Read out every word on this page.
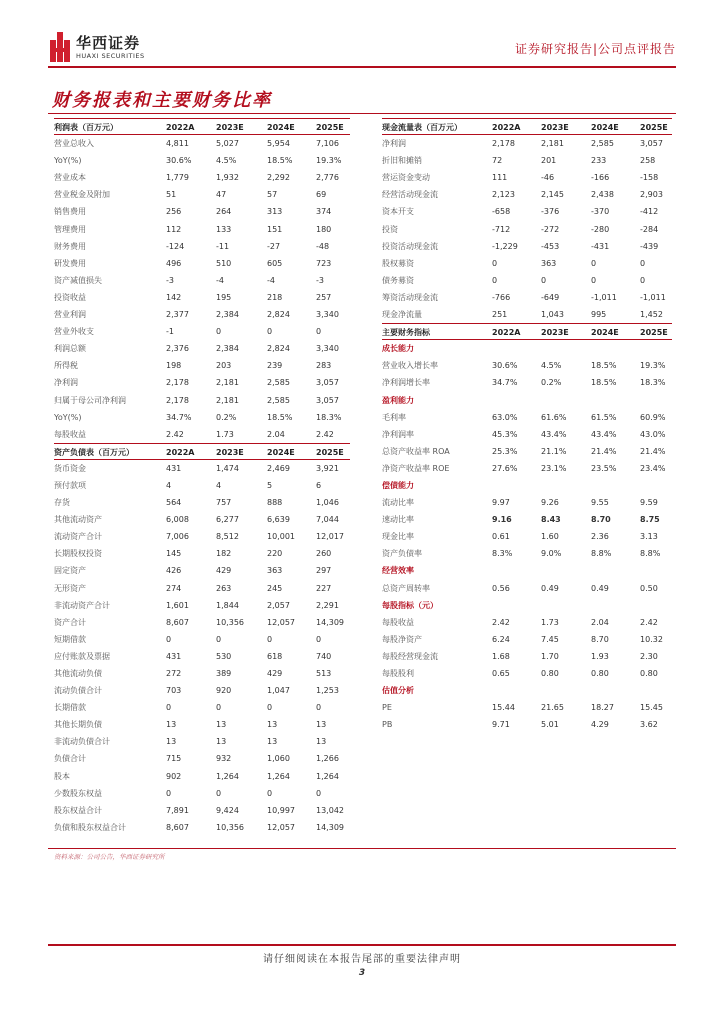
华西证券
HUAXI SECURITIES	证券研究报告|公司点评报告
财务报表和主要财务比率
利润表（百万元）	2022A	2023E	2024E	2025E
营业总收入	4,811	5,027	5,954	7,106
YoY(%)	30.6%	4.5%	18.5%	19.3%
营业成本	1,779	1,932	2,292	2,776
营业税金及附加	51	47	57	69
销售费用	256	264	313	374
管理费用	112	133	151	180
财务费用	-124	-11	-27	-48
研发费用	496	510	605	723
资产减值损失	-3	-4	-4	-3
投资收益	142	195	218	257
营业利润	2,377	2,384	2,824	3,340
营业外收支	-1	0	0	0
利润总额	2,376	2,384	2,824	3,340
所得税	198	203	239	283
净利润	2,178	2,181	2,585	3,057
归属于母公司净利润	2,178	2,181	2,585	3,057
YoY(%)	34.7%	0.2%	18.5%	18.3%
每股收益	2.42	1.73	2.04	2.42
资产负债表（百万元）	2022A	2023E	2024E	2025E
货币资金	431	1,474	2,469	3,921
预付款项	4	4	5	6
存货	564	757	888	1,046
其他流动资产	6,008	6,277	6,639	7,044
流动资产合计	7,006	8,512	10,001	12,017
长期股权投资	145	182	220	260
固定资产	426	429	363	297
无形资产	274	263	245	227
非流动资产合计	1,601	1,844	2,057	2,291
资产合计	8,607	10,356	12,057	14,309
短期借款	0	0	0	0
应付账款及票据	431	530	618	740
其他流动负债	272	389	429	513
流动负债合计	703	920	1,047	1,253
长期借款	0	0	0	0
其他长期负债	13	13	13	13
非流动负债合计	13	13	13	13
负债合计	715	932	1,060	1,266
股本	902	1,264	1,264	1,264
少数股东权益	0	0	0	0
股东权益合计	7,891	9,424	10,997	13,042
负债和股东权益合计	8,607	10,356	12,057	14,309
现金流量表（百万元）	2022A	2023E	2024E	2025E
净利润	2,178	2,181	2,585	3,057
折旧和摊销	72	201	233	258
营运资金变动	111	-46	-166	-158
经营活动现金流	2,123	2,145	2,438	2,903
资本开支	-658	-376	-370	-412
投资	-712	-272	-280	-284
投资活动现金流	-1,229	-453	-431	-439
股权募资	0	363	0	0
债务募资	0	0	0	0
筹资活动现金流	-766	-649	-1,011	-1,011
现金净流量	251	1,043	995	1,452
主要财务指标	2022A	2023E	2024E	2025E
成长能力
营业收入增长率	30.6%	4.5%	18.5%	19.3%
净利润增长率	34.7%	0.2%	18.5%	18.3%
盈利能力
毛利率	63.0%	61.6%	61.5%	60.9%
净利润率	45.3%	43.4%	43.4%	43.0%
总资产收益率 ROA	25.3%	21.1%	21.4%	21.4%
净资产收益率 ROE	27.6%	23.1%	23.5%	23.4%
偿债能力
流动比率	9.97	9.26	9.55	9.59
速动比率	9.16	8.43	8.70	8.75
现金比率	0.61	1.60	2.36	3.13
资产负债率	8.3%	9.0%	8.8%	8.8%
经营效率
总资产周转率	0.56	0.49	0.49	0.50
每股指标（元）
每股收益	2.42	1.73	2.04	2.42
每股净资产	6.24	7.45	8.70	10.32
每股经营现金流	1.68	1.70	1.93	2.30
每股股利	0.65	0.80	0.80	0.80
估值分析
PE	15.44	21.65	18.27	15.45
PB	9.71	5.01	4.29	3.62
资料来源：公司公告，华西证券研究所
请仔细阅读在本报告尾部的重要法律声明
3
